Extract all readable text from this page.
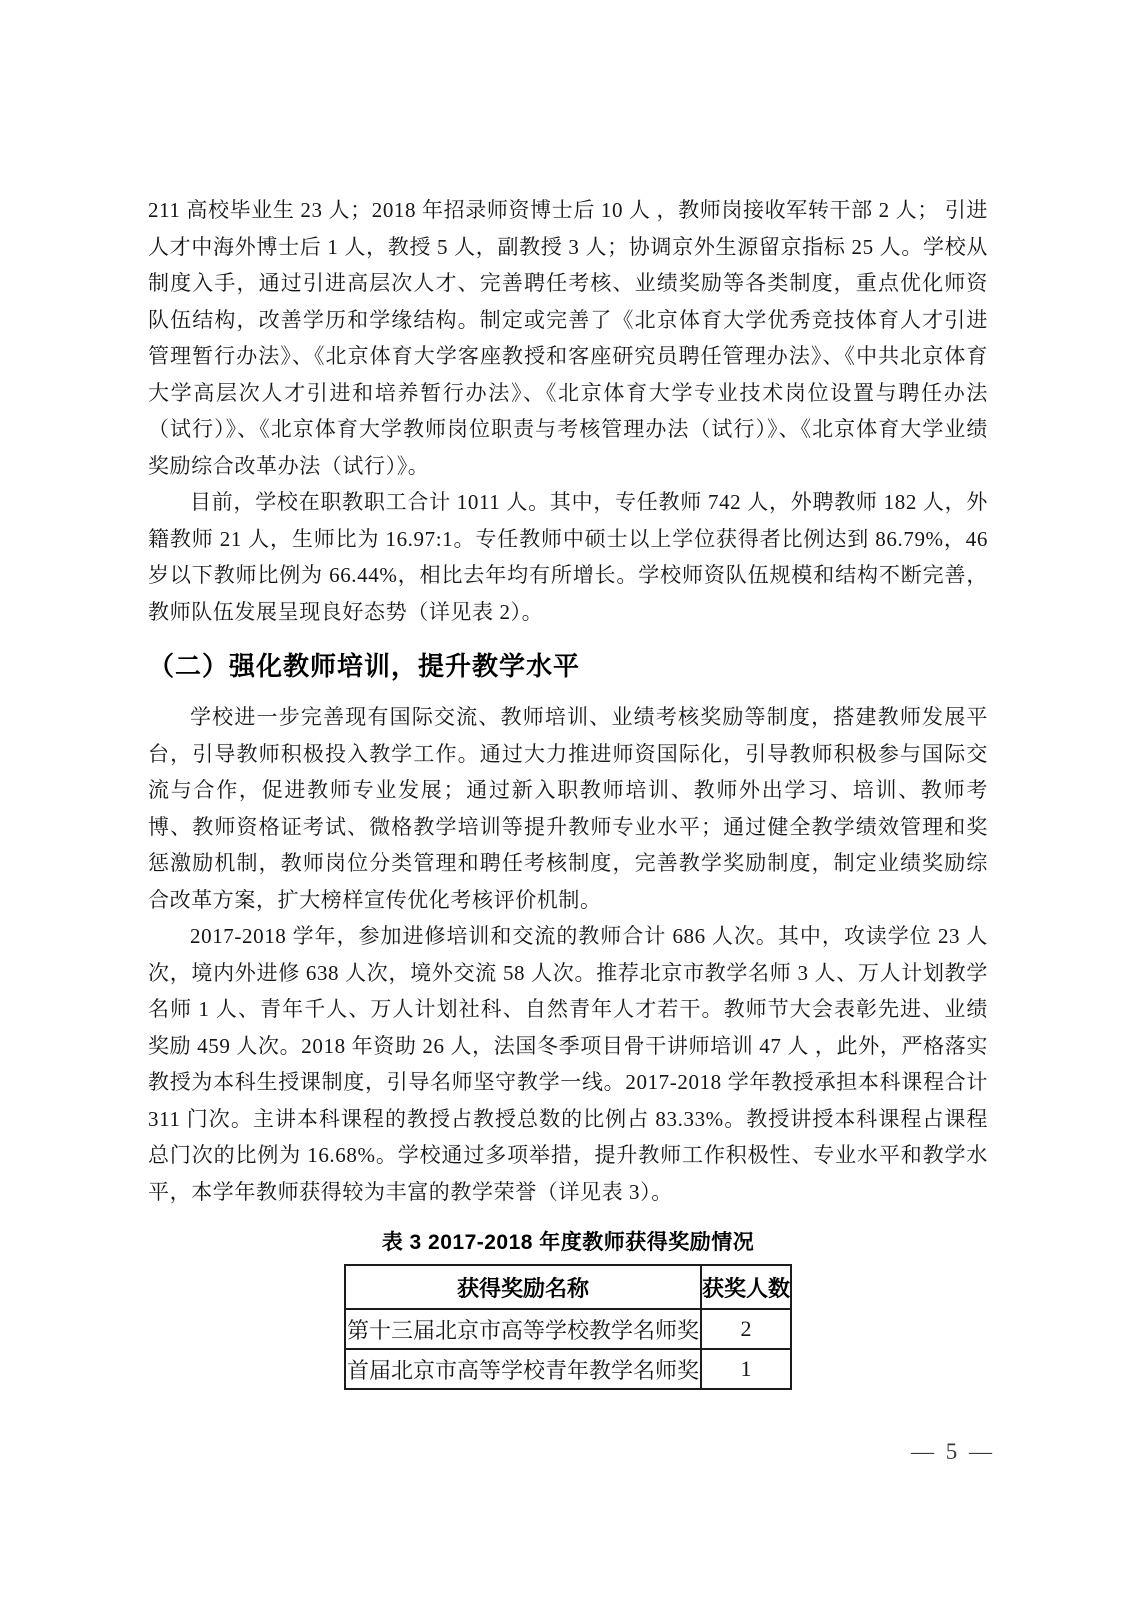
211 高校毕业生 23 人；2018 年招录师资博士后 10 人 ，教师岗接收军转干部 2 人； 引进人才中海外博士后 1 人，教授 5 人，副教授 3 人；协调京外生源留京指标 25 人。学校从制度入手，通过引进高层次人才、完善聘任考核、业绩奖励等各类制度，重点优化师资队伍结构，改善学历和学缘结构。制定或完善了《北京体育大学优秀竞技体育人才引进管理暂行办法》、《北京体育大学客座教授和客座研究员聘任管理办法》、《中共北京体育大学高层次人才引进和培养暂行办法》、《北京体育大学专业技术岗位设置与聘任办法（试行）》、《北京体育大学教师岗位职责与考核管理办法（试行）》、《北京体育大学业绩奖励综合改革办法（试行）》。

目前，学校在职教职工合计 1011 人。其中，专任教师 742 人，外聘教师 182 人，外籍教师 21 人，生师比为 16.97:1。专任教师中硕士以上学位获得者比例达到 86.79%，46 岁以下教师比例为 66.44%，相比去年均有所增长。学校师资队伍规模和结构不断完善，教师队伍发展呈现良好态势（详见表 2）。

（二）强化教师培训，提升教学水平

学校进一步完善现有国际交流、教师培训、业绩考核奖励等制度，搭建教师发展平台，引导教师积极投入教学工作。通过大力推进师资国际化，引导教师积极参与国际交流与合作，促进教师专业发展；通过新入职教师培训、教师外出学习、培训、教师考博、教师资格证考试、微格教学培训等提升教师专业水平；通过健全教学绩效管理和奖惩激励机制，教师岗位分类管理和聘任考核制度，完善教学奖励制度，制定业绩奖励综合改革方案，扩大榜样宣传优化考核评价机制。

2017-2018 学年，参加进修培训和交流的教师合计 686 人次。其中，攻读学位 23 人次，境内外进修 638 人次，境外交流 58 人次。推荐北京市教学名师 3 人、万人计划教学名师 1 人、青年千人、万人计划社科、自然青年人才若干。教师节大会表彰先进、业绩奖励 459 人次。2018 年资助 26 人，法国冬季项目骨干讲师培训 47 人 ，此外，严格落实教授为本科生授课制度，引导名师坚守教学一线。2017-2018 学年教授承担本科课程合计 311 门次。主讲本科课程的教授占教授总数的比例占 83.33%。教授讲授本科课程占课程总门次的比例为 16.68%。学校通过多项举措，提升教师工作积极性、专业水平和教学水平，本学年教师获得较为丰富的教学荣誉（详见表 3）。

表 3 2017-2018 年度教师获得奖励情况
获得奖励名称	获奖人数
第十三届北京市高等学校教学名师奖	2
首届北京市高等学校青年教学名师奖	1
— 5 —
